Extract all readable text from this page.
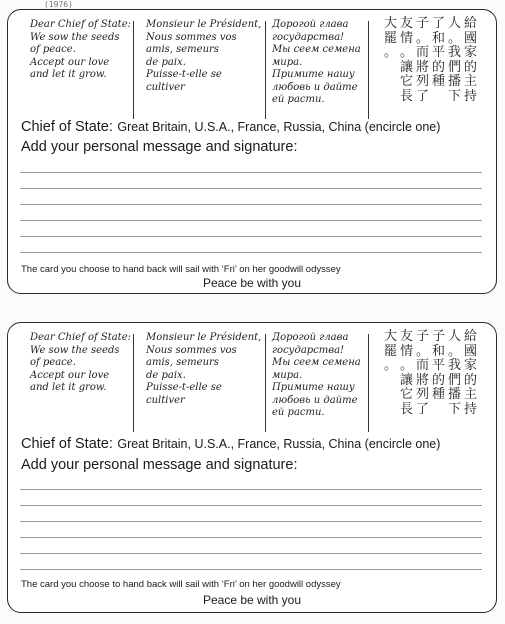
(1976)
Dear Chief of State:
We sow the seeds
of peace.
Accept our love
and let it grow.
Monsieur le Président,
Nous sommes vos
amis, semeurs
de paix.
Puisse-t-elle se
cultiver
Дорогой глава
государства!
Мы сеем семена
мира.
Примите нашу
любовь и дайте
ей расти.
給
國
家
的
主
持
人
。
我
們
播
下
了
和
平
的
種
子
。
而
將
列
了
友
情
。
讓
它
長
大
罷
。
Chief of State: Great Britain, U.S.A., France, Russia, China (encircle one)
Add your personal message and signature:
The card you choose to hand back will sail with ‘Fri’ on her goodwill odyssey
Peace be with you
Dear Chief of State:
We sow the seeds
of peace.
Accept our love
and let it grow.
Monsieur le Président,
Nous sommes vos
amis, semeurs
de paix.
Puisse-t-elle se
cultiver
Дорогой глава
государства!
Мы сеем семена
мира.
Примите нашу
любовь и дайте
ей расти.
給
國
家
的
主
持
人
。
我
們
播
下
子
和
平
的
種
子
。
而
將
列
了
友
情
。
讓
它
長
大
罷
。
Chief of State: Great Britain, U.S.A., France, Russia, China (encircle one)
Add your personal message and signature:
The card you choose to hand back will sail with ‘Fri’ on her goodwill odyssey
Peace be with you
